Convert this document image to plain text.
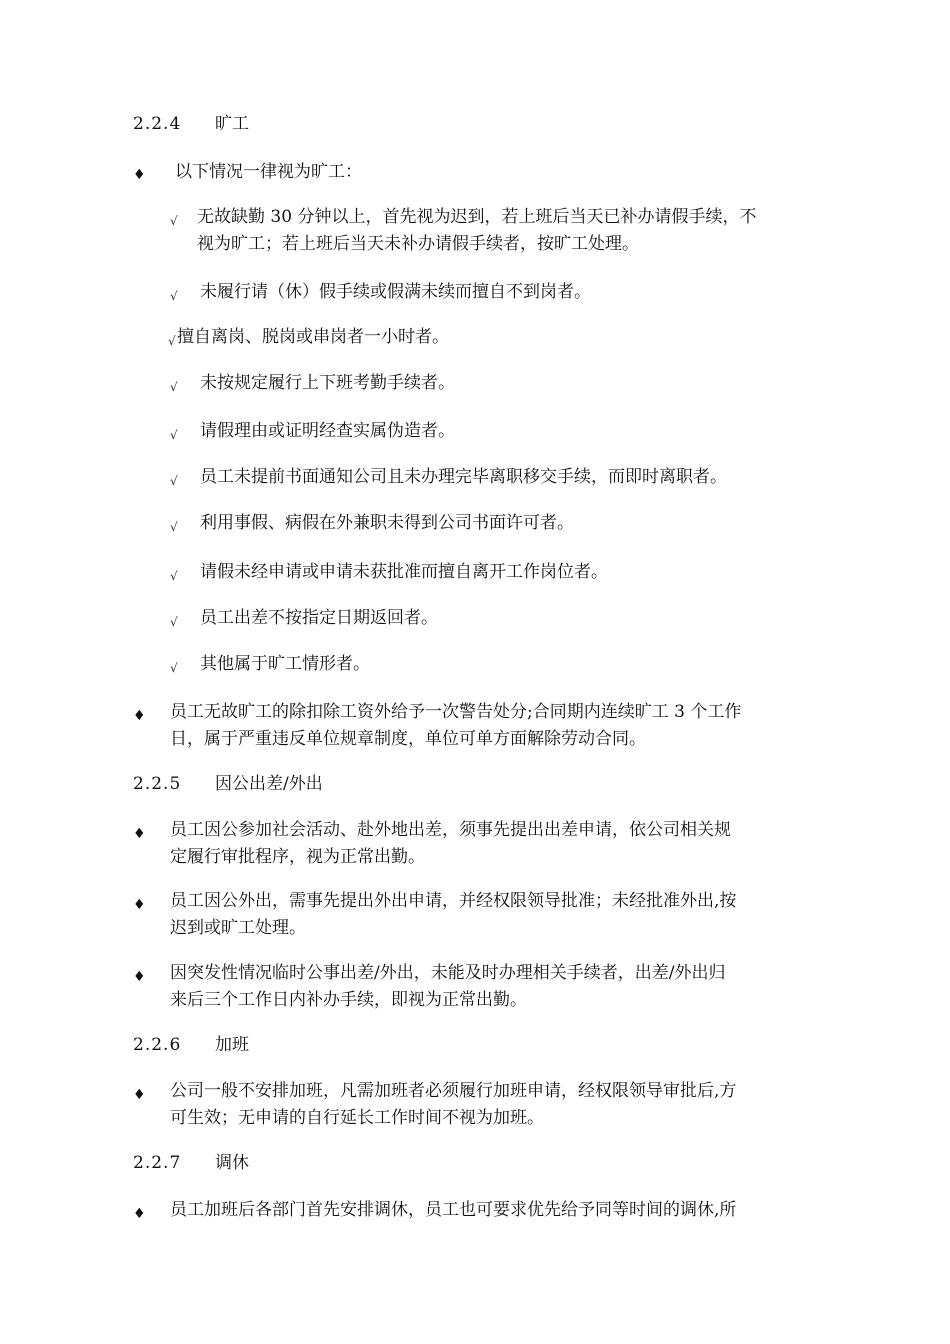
2.2.4 旷工
♦ 以下情况一律视为旷工：
√ 无故缺勤 30 分钟以上，首先视为迟到，若上班后当天已补办请假手续，不
视为旷工；若上班后当天未补办请假手续者，按旷工处理。
√ 未履行请（休）假手续或假满未续而擅自不到岗者。
√ 擅自离岗、脱岗或串岗者一小时者。
√ 未按规定履行上下班考勤手续者。
√ 请假理由或证明经查实属伪造者。
√ 员工未提前书面通知公司且未办理完毕离职移交手续，而即时离职者。
√ 利用事假、病假在外兼职未得到公司书面许可者。
√ 请假未经申请或申请未获批准而擅自离开工作岗位者。
√ 员工出差不按指定日期返回者。
√ 其他属于旷工情形者。
♦ 员工无故旷工的除扣除工资外给予一次警告处分;合同期内连续旷工 3 个工作
日，属于严重违反单位规章制度，单位可单方面解除劳动合同。
2.2.5 因公出差/外出
♦ 员工因公参加社会活动、赴外地出差，须事先提出出差申请，依公司相关规
定履行审批程序，视为正常出勤。
♦ 员工因公外出，需事先提出外出申请，并经权限领导批准；未经批准外出,按
迟到或旷工处理。
♦ 因突发性情况临时公事出差/外出，未能及时办理相关手续者，出差/外出归
来后三个工作日内补办手续，即视为正常出勤。
2.2.6 加班
♦ 公司一般不安排加班，凡需加班者必须履行加班申请，经权限领导审批后,方
可生效；无申请的自行延长工作时间不视为加班。
2.2.7 调休
♦ 员工加班后各部门首先安排调休，员工也可要求优先给予同等时间的调休,所
